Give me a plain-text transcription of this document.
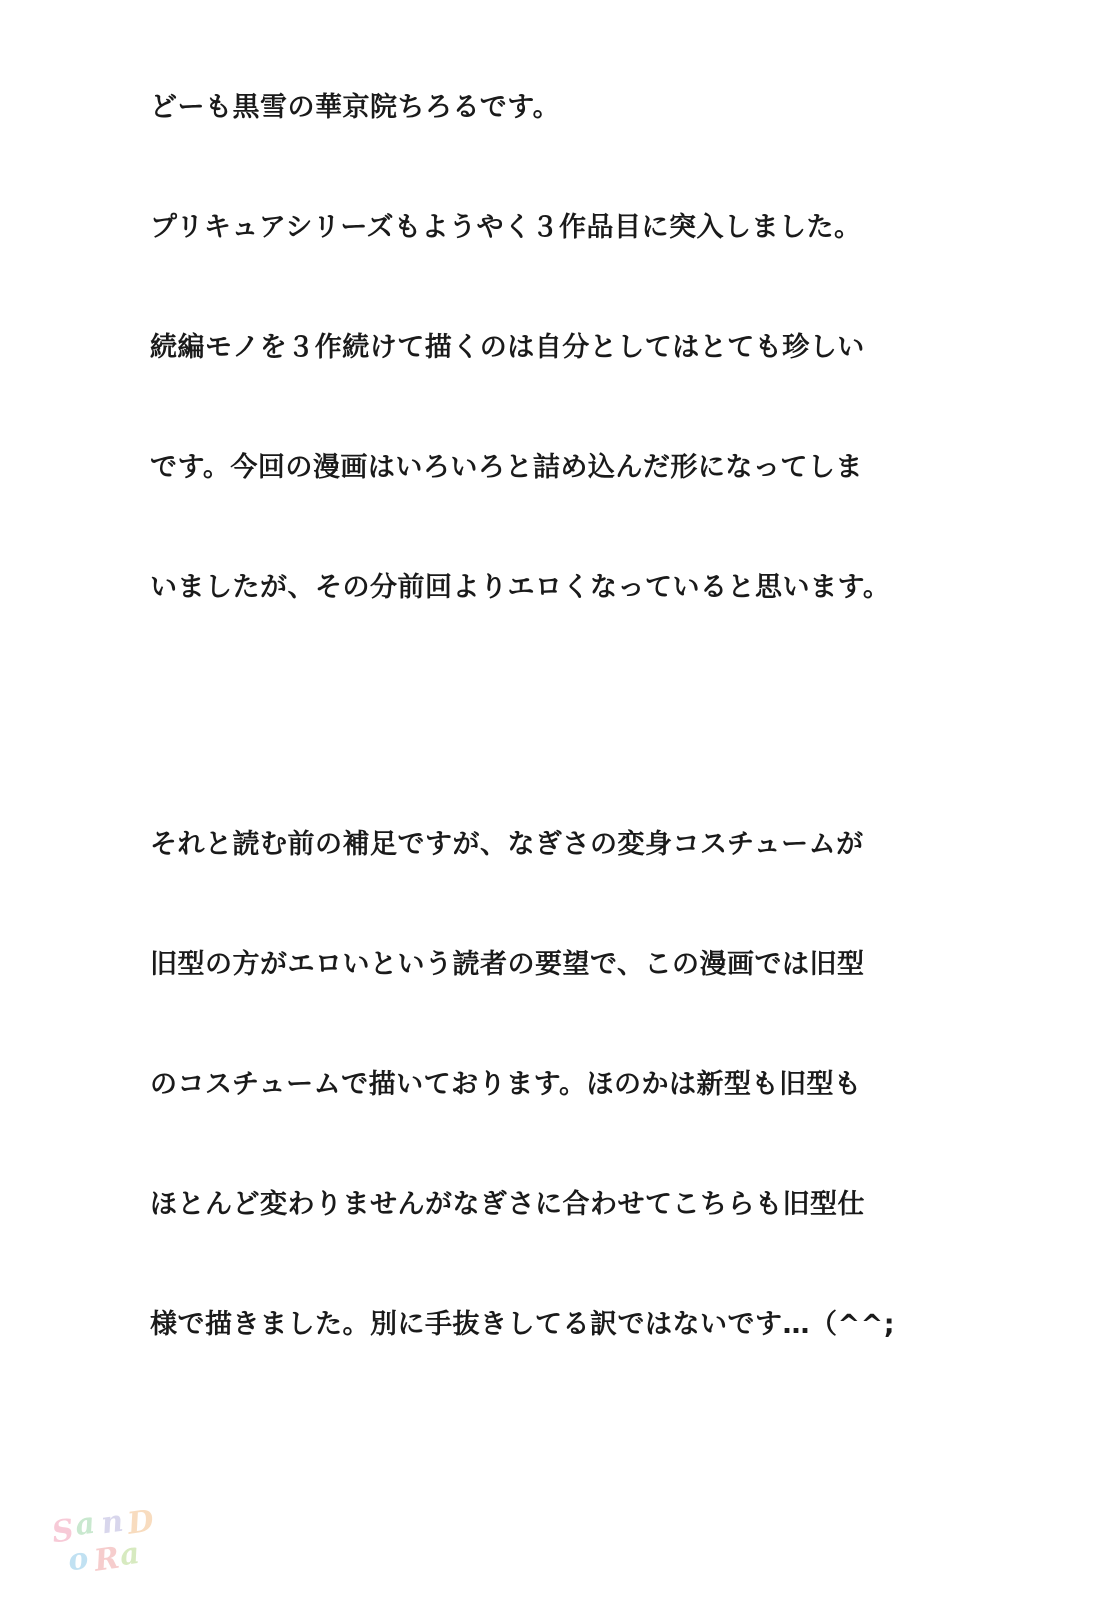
どーも黒雪の華京院ちろるです。

プリキュアシリーズもようやく３作品目に突入しました。

続編モノを３作続けて描くのは自分としてはとても珍しい

です。今回の漫画はいろいろと詰め込んだ形になってしま

いましたが、その分前回よりエロくなっていると思います。

それと読む前の補足ですが、なぎさの変身コスチュームが

旧型の方がエロいという読者の要望で、この漫画では旧型

のコスチュームで描いております。ほのかは新型も旧型も

ほとんど変わりませんがなぎさに合わせてこちらも旧型仕

様で描きました。別に手抜きしてる訳ではないです…（^^;

S
a n D
o R
a
